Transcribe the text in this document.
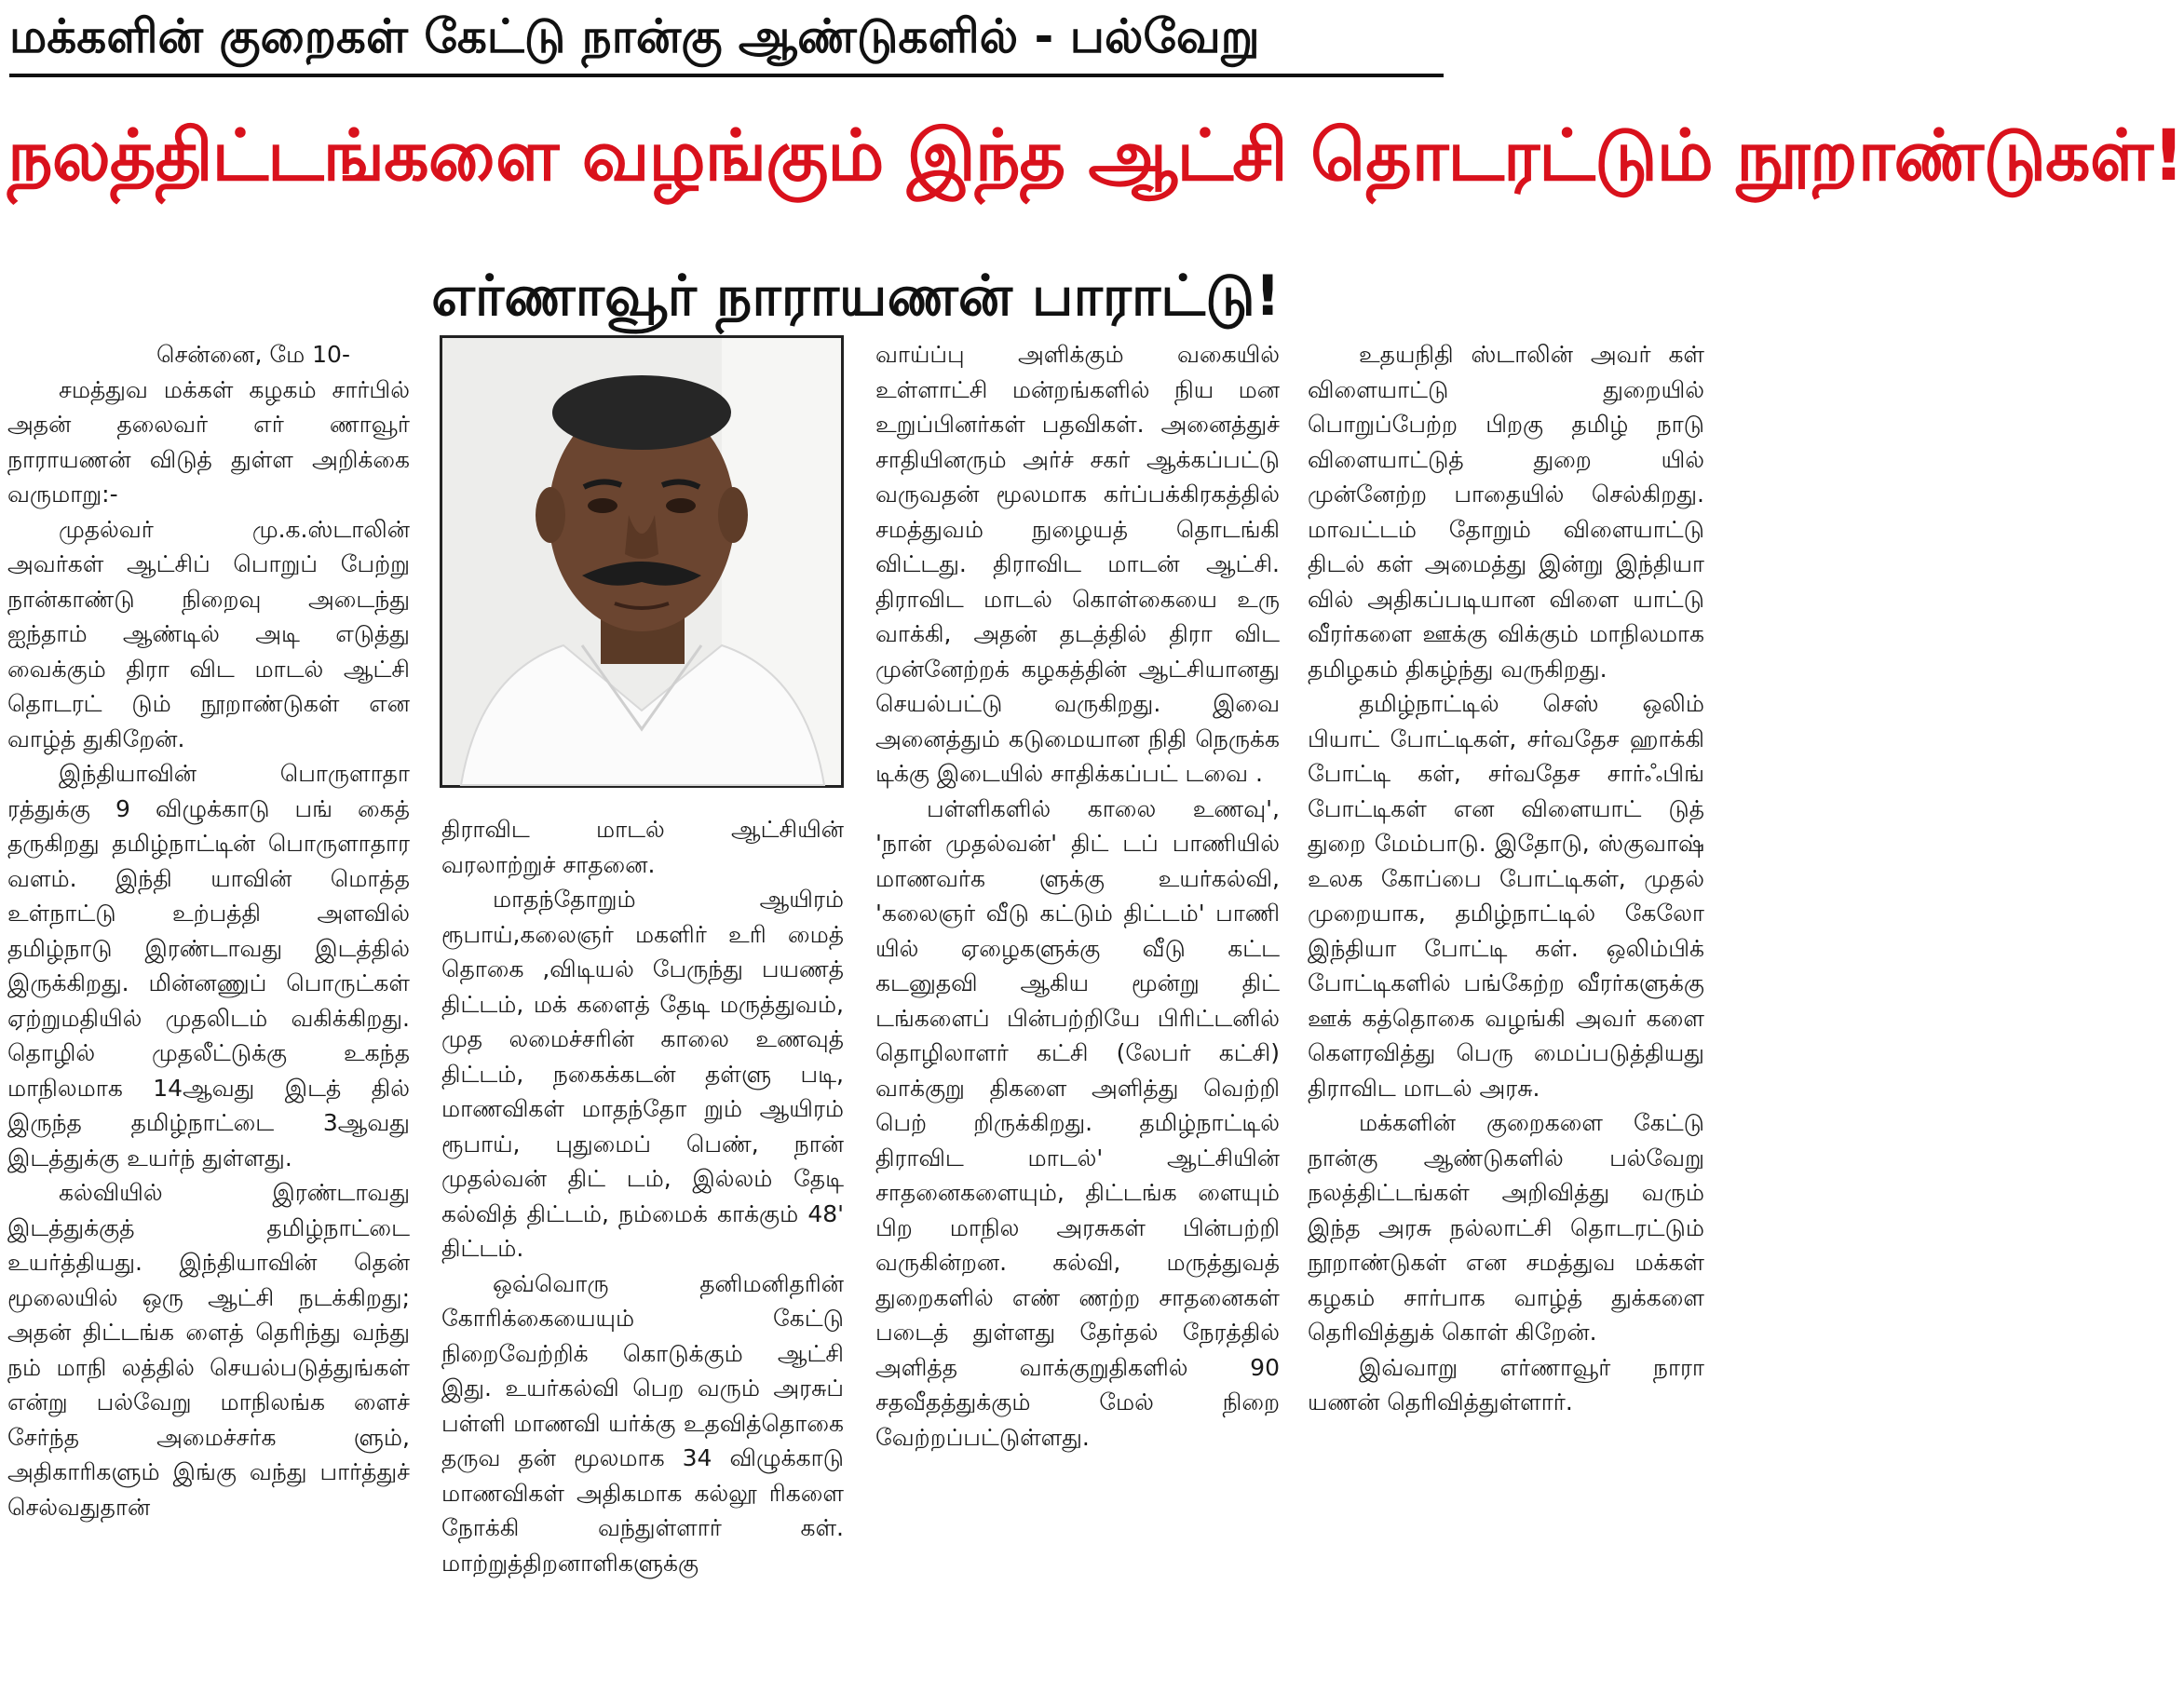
மக்களின் குறைகள் கேட்டு நான்கு ஆண்டுகளில் - பல்வேறு
நலத்திட்டங்களை வழங்கும் இந்த ஆட்சி தொடரட்டும் நூறாண்டுகள்!
எர்ணாவூர் நாராயணன் பாராட்டு!

சென்னை, மே 10-

சமத்துவ மக்கள் கழகம் சார்பில் அதன் தலைவர் எர் ணாவூர் நாராயணன் விடுத் துள்ள அறிக்கை வருமாறு:-

முதல்வர் மு.க.ஸ்டாலின் அவர்கள் ஆட்சிப் பொறுப் பேற்று நான்காண்டு நிறைவு அடைந்து ஐந்தாம் ஆண்டில் அடி எடுத்து வைக்கும் திரா விட மாடல் ஆட்சி தொடரட் டும் நூறாண்டுகள் என வாழ்த் துகிறேன்.

இந்தியாவின் பொருளாதா ரத்துக்கு 9 விழுக்காடு பங் கைத் தருகிறது தமிழ்நாட்டின் பொருளாதார வளம். இந்தி யாவின் மொத்த உள்நாட்டு உற்பத்தி அளவில் தமிழ்நாடு இரண்டாவது இடத்தில் இருக்கிறது. மின்னணுப் பொருட்கள் ஏற்றுமதியில் முதலிடம் வகிக்கிறது. தொழில் முதலீட்டுக்கு உகந்த மாநிலமாக 14ஆவது இடத் தில் இருந்த தமிழ்நாட்டை 3ஆவது இடத்துக்கு உயர்ந் துள்ளது.

கல்வியில் இரண்டாவது இடத்துக்குத் தமிழ்நாட்டை உயர்த்தியது. இந்தியாவின் தென் மூலையில் ஒரு ஆட்சி நடக்கிறது; அதன் திட்டங்க ளைத் தெரிந்து வந்து நம் மாநி லத்தில் செயல்படுத்துங்கள் என்று பல்வேறு மாநிலங்க ளைச் சேர்ந்த அமைச்சர்க ளும், அதிகாரிகளும் இங்கு வந்து பார்த்துச் செல்வதுதான்

திராவிட மாடல் ஆட்சியின் வரலாற்றுச் சாதனை.

மாதந்தோறும் ஆயிரம் ரூபாய்,கலைஞர் மகளிர் உரி மைத் தொகை ,விடியல் பேருந்து பயணத் திட்டம், மக் களைத் தேடி மருத்துவம், முத லமைச்சரின் காலை உணவுத் திட்டம், நகைக்கடன் தள்ளு படி, மாணவிகள் மாதந்தோ றும் ஆயிரம் ரூபாய், புதுமைப் பெண், நான் முதல்வன் திட் டம், இல்லம் தேடி கல்வித் திட்டம், நம்மைக் காக்கும் 48' திட்டம்.

ஒவ்வொரு தனிமனிதரின் கோரிக்கையையும் கேட்டு நிறைவேற்றிக் கொடுக்கும் ஆட்சி இது. உயர்கல்வி பெற வரும் அரசுப் பள்ளி மாணவி யர்க்கு உதவித்தொகை தருவ தன் மூலமாக 34 விழுக்காடு மாணவிகள் அதிகமாக கல்லூ ரிகளை நோக்கி வந்துள்ளார் கள். மாற்றுத்திறனாளிகளுக்கு

வாய்ப்பு அளிக்கும் வகையில் உள்ளாட்சி மன்றங்களில் நிய மன உறுப்பினர்கள் பதவிகள். அனைத்துச் சாதியினரும் அர்ச் சகர் ஆக்கப்பட்டு வருவதன் மூலமாக கர்ப்பக்கிரகத்தில் சமத்துவம் நுழையத் தொடங்கி விட்டது. திராவிட மாடன் ஆட்சி. திராவிட மாடல் கொள்கையை உரு வாக்கி, அதன் தடத்தில் திரா விட முன்னேற்றக் கழகத்தின் ஆட்சியானது செயல்பட்டு வருகிறது. இவை அனைத்தும் கடுமையான நிதி நெருக்க டிக்கு இடையில் சாதிக்கப்பட் டவை .

பள்ளிகளில் காலை உணவு', 'நான் முதல்வன்' திட் டப் பாணியில் மாணவர்க ளுக்கு உயர்கல்வி, 'கலைஞர் வீடு கட்டும் திட்டம்' பாணி யில் ஏழைகளுக்கு வீடு கட்ட கடனுதவி ஆகிய மூன்று திட் டங்களைப் பின்பற்றியே பிரிட்டனில் தொழிலாளர் கட்சி (லேபர் கட்சி) வாக்குறு திகளை அளித்து வெற்றி பெற் றிருக்கிறது. தமிழ்நாட்டில் திராவிட மாடல்' ஆட்சியின் சாதனைகளையும், திட்டங்க ளையும் பிற மாநில அரசுகள் பின்பற்றி வருகின்றன. கல்வி, மருத்துவத் துறைகளில் எண் ணற்ற சாதனைகள் படைத் துள்ளது தேர்தல் நேரத்தில் அளித்த வாக்குறுதிகளில் 90 சதவீதத்துக்கும் மேல் நிறை வேற்றப்பட்டுள்ளது.

உதயநிதி ஸ்டாலின் அவர் கள் விளையாட்டு துறையில் பொறுப்பேற்ற பிறகு தமிழ் நாடு விளையாட்டுத் துறை யில் முன்னேற்ற பாதையில் செல்கிறது. மாவட்டம் தோறும் விளையாட்டு திடல் கள் அமைத்து இன்று இந்தியா வில் அதிகப்படியான விளை யாட்டு வீரர்களை ஊக்கு விக்கும் மாநிலமாக தமிழகம் திகழ்ந்து வருகிறது.

தமிழ்நாட்டில் செஸ் ஒலிம் பியாட் போட்டிகள், சர்வதேச ஹாக்கி போட்டி கள், சர்வதேச சார்ஃபிங் போட்டிகள் என விளையாட் டுத் துறை மேம்பாடு. இதோடு, ஸ்குவாஷ் உலக கோப்பை போட்டிகள், முதல் முறையாக, தமிழ்நாட்டில் கேலோ இந்தியா போட்டி கள். ஒலிம்பிக் போட்டிகளில் பங்கேற்ற வீரர்களுக்கு ஊக் கத்தொகை வழங்கி அவர் களை கௌரவித்து பெரு மைப்படுத்தியது திராவிட மாடல் அரசு.

மக்களின் குறைகளை கேட்டு நான்கு ஆண்டுகளில் பல்வேறு நலத்திட்டங்கள் அறிவித்து வரும் இந்த அரசு நல்லாட்சி தொடரட்டும் நூறாண்டுகள் என சமத்துவ மக்கள் கழகம் சார்பாக வாழ்த் துக்களை தெரிவித்துக் கொள் கிறேன்.

இவ்வாறு எர்ணாவூர் நாரா யணன் தெரிவித்துள்ளார்.
